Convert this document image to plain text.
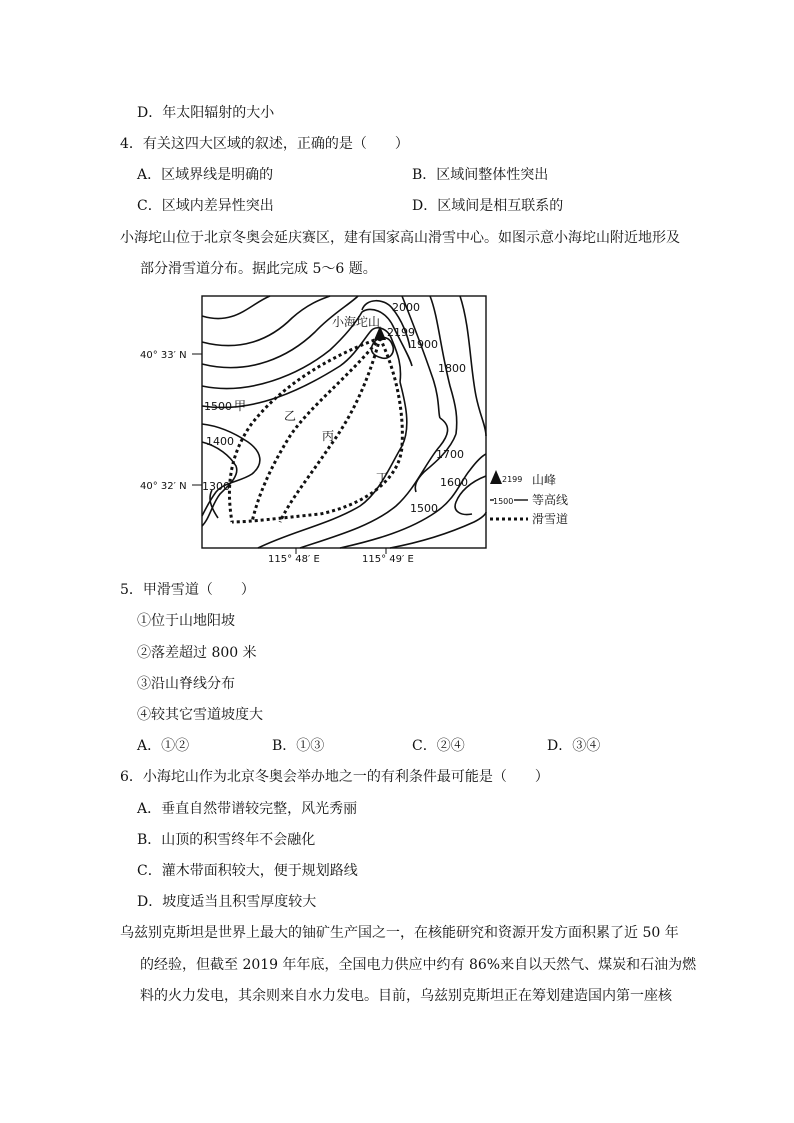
D．年太阳辐射的大小
4．有关这四大区域的叙述，正确的是（　　）
A．区域界线是明确的	B．区域间整体性突出
C．区域内差异性突出	D．区域间是相互联系的
小海坨山位于北京冬奥会延庆赛区，建有国家高山滑雪中心。如图示意小海坨山附近地形及
部分滑雪道分布。据此完成 5～6 题。
小海坨山
2199
2000
1900
1800
1700
1600
1500
1500
1400
1300
甲
乙
丙
丁
40° 33′ N
40° 32′ N
115° 48′ E	115° 49′ E
2199 山峰
1500 等高线
滑雪道
5．甲滑雪道（　　）
①位于山地阳坡
②落差超过 800 米
③沿山脊线分布
④较其它雪道坡度大
A．①②	B．①③	C．②④	D．③④
6．小海坨山作为北京冬奥会举办地之一的有利条件最可能是（　　）
A．垂直自然带谱较完整，风光秀丽
B．山顶的积雪终年不会融化
C．灌木带面积较大，便于规划路线
D．坡度适当且积雪厚度较大
乌兹别克斯坦是世界上最大的铀矿生产国之一，在核能研究和资源开发方面积累了近 50 年
的经验，但截至 2019 年年底，全国电力供应中约有 86%来自以天然气、煤炭和石油为燃
料的火力发电，其余则来自水力发电。目前，乌兹别克斯坦正在筹划建造国内第一座核
